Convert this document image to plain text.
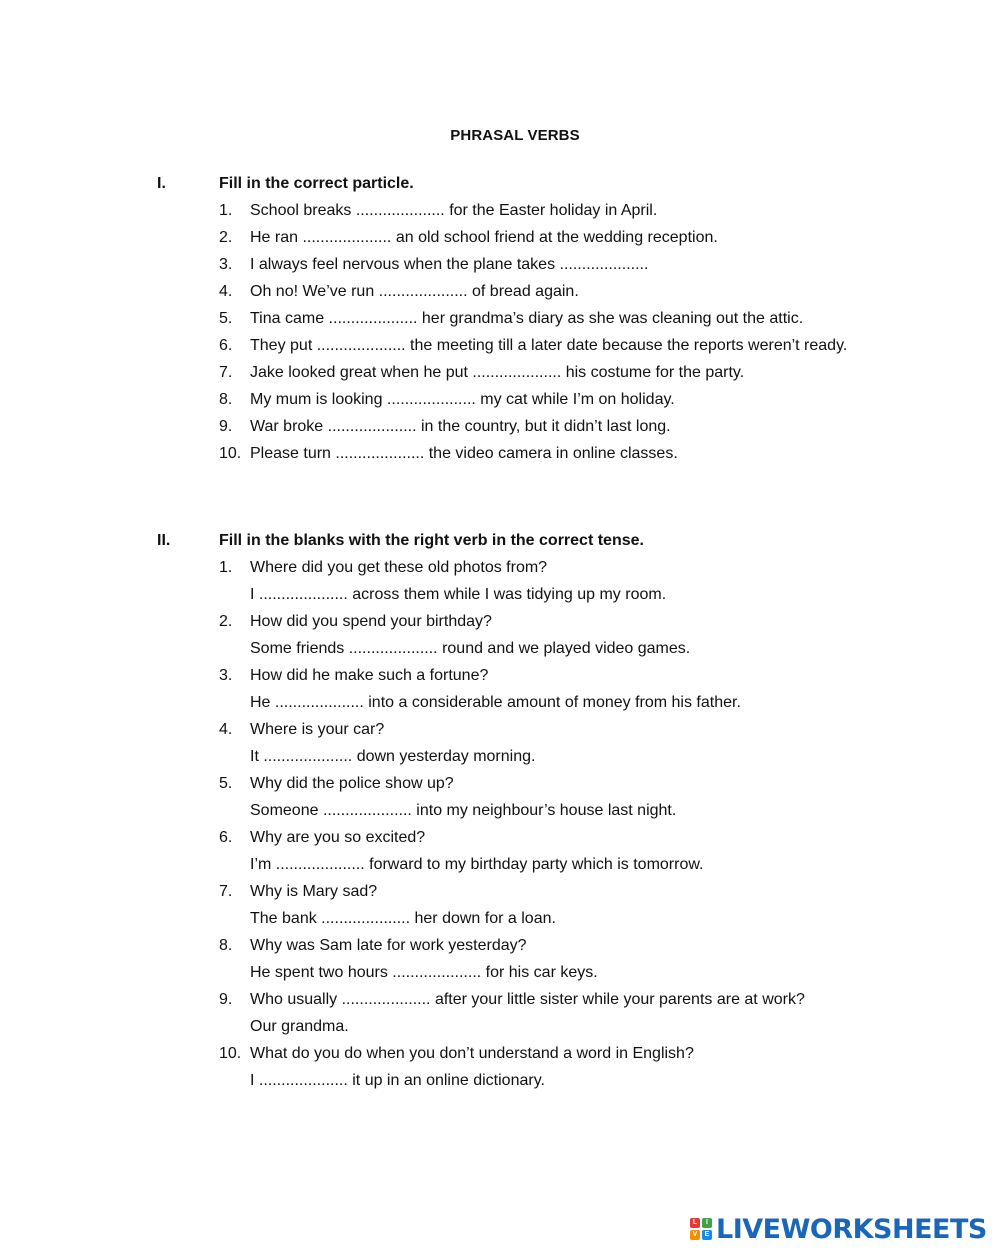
PHRASAL VERBS
I.	Fill in the correct particle.
1.	School breaks .................... for the Easter holiday in April.
2.	He ran .................... an old school friend at the wedding reception.
3.	I always feel nervous when the plane takes ....................
4.	Oh no! We’ve run .................... of bread again.
5.	Tina came .................... her grandma’s diary as she was cleaning out the attic.
6.	They put .................... the meeting till a later date because the reports weren’t ready.
7.	Jake looked great when he put .................... his costume for the party.
8.	My mum is looking .................... my cat while I’m on holiday.
9.	War broke .................... in the country, but it didn’t last long.
10. Please turn .................... the video camera in online classes.
II.	Fill in the blanks with the right verb in the correct tense.
1.	Where did you get these old photos from?
I .................... across them while I was tidying up my room.
2.	How did you spend your birthday?
Some friends .................... round and we played video games.
3.	How did he make such a fortune?
He .................... into a considerable amount of money from his father.
4.	Where is your car?
It .................... down yesterday morning.
5.	Why did the police show up?
Someone .................... into my neighbour’s house last night.
6.	Why are you so excited?
I’m .................... forward to my birthday party which is tomorrow.
7.	Why is Mary sad?
The bank .................... her down for a loan.
8.	Why was Sam late for work yesterday?
He spent two hours .................... for his car keys.
9.	Who usually .................... after your little sister while your parents are at work?
Our grandma.
10. What do you do when you don’t understand a word in English?
I .................... it up in an online dictionary.
L	I
V	E LIVEWORKSHEETS
